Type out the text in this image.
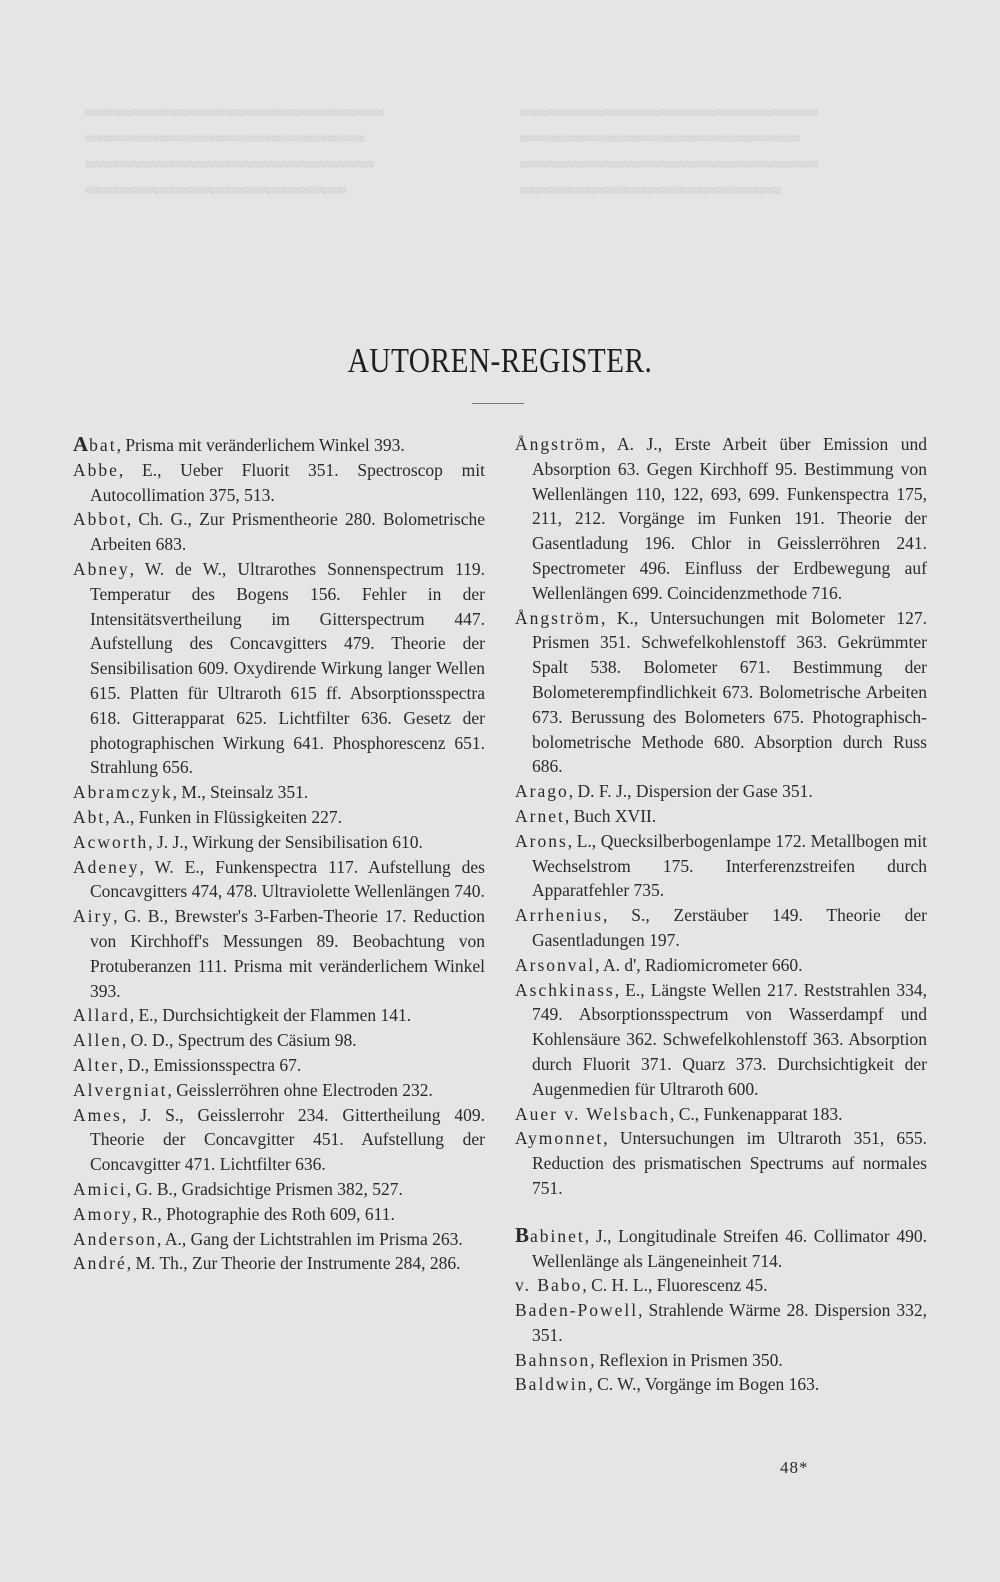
≈≈≈≈≈≈≈≈≈≈≈≈≈≈≈≈≈≈≈≈≈≈≈≈≈≈≈≈≈≈≈≈
≈≈≈≈≈≈≈≈≈≈≈≈≈≈≈≈≈≈≈≈≈≈≈≈≈≈≈≈≈≈
≈≈≈≈≈≈≈≈≈≈≈≈≈≈≈≈≈≈≈≈≈≈≈≈≈≈≈≈≈≈≈
≈≈≈≈≈≈≈≈≈≈≈≈≈≈≈≈≈≈≈≈≈≈≈≈≈≈≈≈
≈≈≈≈≈≈≈≈≈≈≈≈≈≈≈≈≈≈≈≈≈≈≈≈≈≈≈≈≈≈≈≈
≈≈≈≈≈≈≈≈≈≈≈≈≈≈≈≈≈≈≈≈≈≈≈≈≈≈≈≈≈≈
≈≈≈≈≈≈≈≈≈≈≈≈≈≈≈≈≈≈≈≈≈≈≈≈≈≈≈≈≈≈≈≈
≈≈≈≈≈≈≈≈≈≈≈≈≈≈≈≈≈≈≈≈≈≈≈≈≈≈≈≈
AUTOREN-REGISTER.
Abat, Prisma mit veränderlichem Winkel 393.
Abbe, E., Ueber Fluorit 351. Spectroscop mit Autocollimation 375, 513.
Abbot, Ch. G., Zur Prismentheorie 280. Bolometrische Arbeiten 683.
Abney, W. de W., Ultrarothes Sonnenspectrum 119. Temperatur des Bogens 156. Fehler in der Intensitätsvertheilung im Gitterspectrum 447. Aufstellung des Concavgitters 479. Theorie der Sensibilisation 609. Oxydirende Wirkung langer Wellen 615. Platten für Ultraroth 615 ff. Absorptionsspectra 618. Gitterapparat 625. Lichtfilter 636. Gesetz der photographischen Wirkung 641. Phosphorescenz 651. Strahlung 656.
Abramczyk, M., Steinsalz 351.
Abt, A., Funken in Flüssigkeiten 227.
Acworth, J. J., Wirkung der Sensibilisation 610.
Adeney, W. E., Funkenspectra 117. Aufstellung des Concavgitters 474, 478. Ultraviolette Wellenlängen 740.
Airy, G. B., Brewster's 3-Farben-Theorie 17. Reduction von Kirchhoff's Messungen 89. Beobachtung von Protuberanzen 111. Prisma mit veränderlichem Winkel 393.
Allard, E., Durchsichtigkeit der Flammen 141.
Allen, O. D., Spectrum des Cäsium 98.
Alter, D., Emissionsspectra 67.
Alvergniat, Geisslerröhren ohne Electroden 232.
Ames, J. S., Geisslerrohr 234. Gittertheilung 409. Theorie der Concavgitter 451. Aufstellung der Concavgitter 471. Lichtfilter 636.
Amici, G. B., Gradsichtige Prismen 382, 527.
Amory, R., Photographie des Roth 609, 611.
Anderson, A., Gang der Lichtstrahlen im Prisma 263.
André, M. Th., Zur Theorie der Instrumente 284, 286.
Ångström, A. J., Erste Arbeit über Emission und Absorption 63. Gegen Kirchhoff 95. Bestimmung von Wellenlängen 110, 122, 693, 699. Funkenspectra 175, 211, 212. Vorgänge im Funken 191. Theorie der Gasentladung 196. Chlor in Geisslerröhren 241. Spectrometer 496. Einfluss der Erdbewegung auf Wellenlängen 699. Coincidenzmethode 716.
Ångström, K., Untersuchungen mit Bolometer 127. Prismen 351. Schwefelkohlenstoff 363. Gekrümmter Spalt 538. Bolometer 671. Bestimmung der Bolometerempfindlichkeit 673. Bolometrische Arbeiten 673. Berussung des Bolometers 675. Photographisch-bolometrische Methode 680. Absorption durch Russ 686.
Arago, D. F. J., Dispersion der Gase 351.
Arnet, Buch XVII.
Arons, L., Quecksilberbogenlampe 172. Metallbogen mit Wechselstrom 175. Interferenzstreifen durch Apparatfehler 735.
Arrhenius, S., Zerstäuber 149. Theorie der Gasentladungen 197.
Arsonval, A. d', Radiomicrometer 660.
Aschkinass, E., Längste Wellen 217. Reststrahlen 334, 749. Absorptionsspectrum von Wasserdampf und Kohlensäure 362. Schwefelkohlenstoff 363. Absorption durch Fluorit 371. Quarz 373. Durchsichtigkeit der Augenmedien für Ultraroth 600.
Auer v. Welsbach, C., Funkenapparat 183.
Aymonnet, Untersuchungen im Ultraroth 351, 655. Reduction des prismatischen Spectrums auf normales 751.
Babinet, J., Longitudinale Streifen 46. Collimator 490. Wellenlänge als Längeneinheit 714.
v. Babo, C. H. L., Fluorescenz 45.
Baden-Powell, Strahlende Wärme 28. Dispersion 332, 351.
Bahnson, Reflexion in Prismen 350.
Baldwin, C. W., Vorgänge im Bogen 163.
48*
